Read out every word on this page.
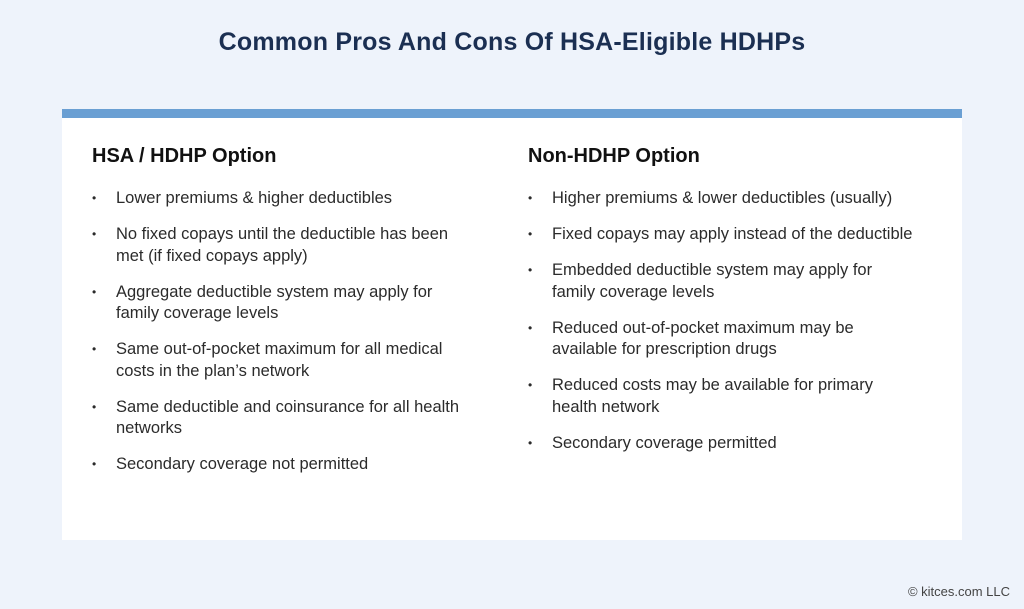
Common Pros And Cons Of HSA-Eligible HDHPs
HSA / HDHP Option
•	Lower premiums & higher deductibles
•	No fixed copays until the deductible has been met (if fixed copays apply)
•	Aggregate deductible system may apply for family coverage levels
•	Same out-of-pocket maximum for all medical costs in the plan’s network
•	Same deductible and coinsurance for all health networks
•	Secondary coverage not permitted
Non-HDHP Option
•	Higher premiums & lower deductibles (usually)
•	Fixed copays may apply instead of the deductible
•	Embedded deductible system may apply for family coverage levels
•	Reduced out-of-pocket maximum may be available for prescription drugs
•	Reduced costs may be available for primary health network
•	Secondary coverage permitted
© kitces.com LLC
